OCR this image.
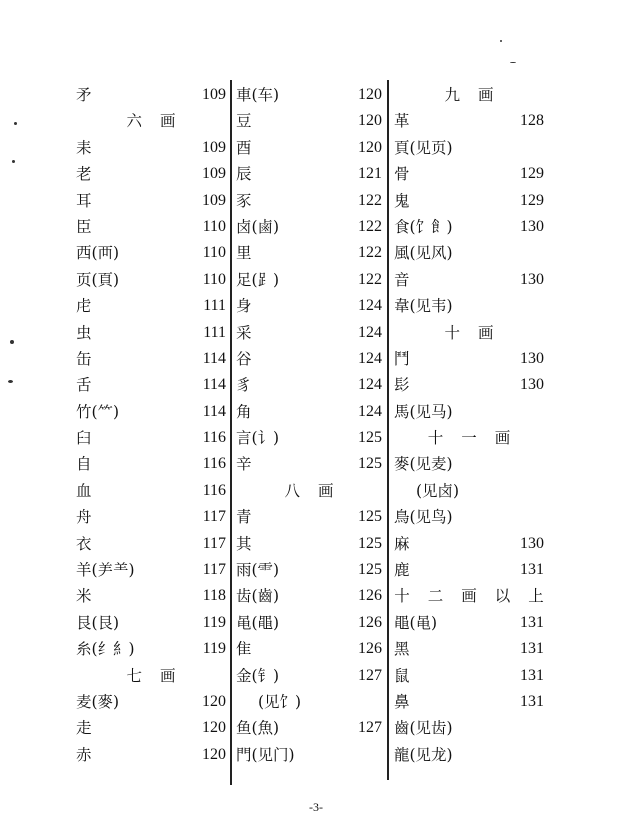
矛	109
六画
耒	109
老	109
耳	109
臣	110
西(襾)	110
页(頁)	110
虍	111
虫	111
缶	114
舌	114
竹(⺮)	114
臼	116
自	116
血	116
舟	117
衣	117
羊(⺶⺷)	117
米	118
艮(⾉)	119
糸(纟糹)	119
七画
麦(麥)	120
走	120
赤	120
車(车)	120
豆	120
酉	120
辰	121
豕	122
卤(鹵)	122
里	122
足(⻊)	122
身	124
采	124
谷	124
豸	124
角	124
言(讠)	125
辛	125
八画
青	125
其	125
雨(⻗)	125
齿(齒)	126
黾(黽)	126
隹	126
金(钅)	127
(见饣)
鱼(魚)	127
門(见门)
九画
革	128
頁(见页)
骨	129
鬼	129
食(饣⻟)	130
風(见风)
音	130
韋(见韦)
十画
鬥	130
髟	130
馬(见马)
十一画
麥(见麦)
(见卤)
鳥(见鸟)
麻	130
鹿	131
十二画以上
黽(黾)	131
黑	131
鼠	131
鼻	131
齒(见齿)
龍(见龙)
-3-
